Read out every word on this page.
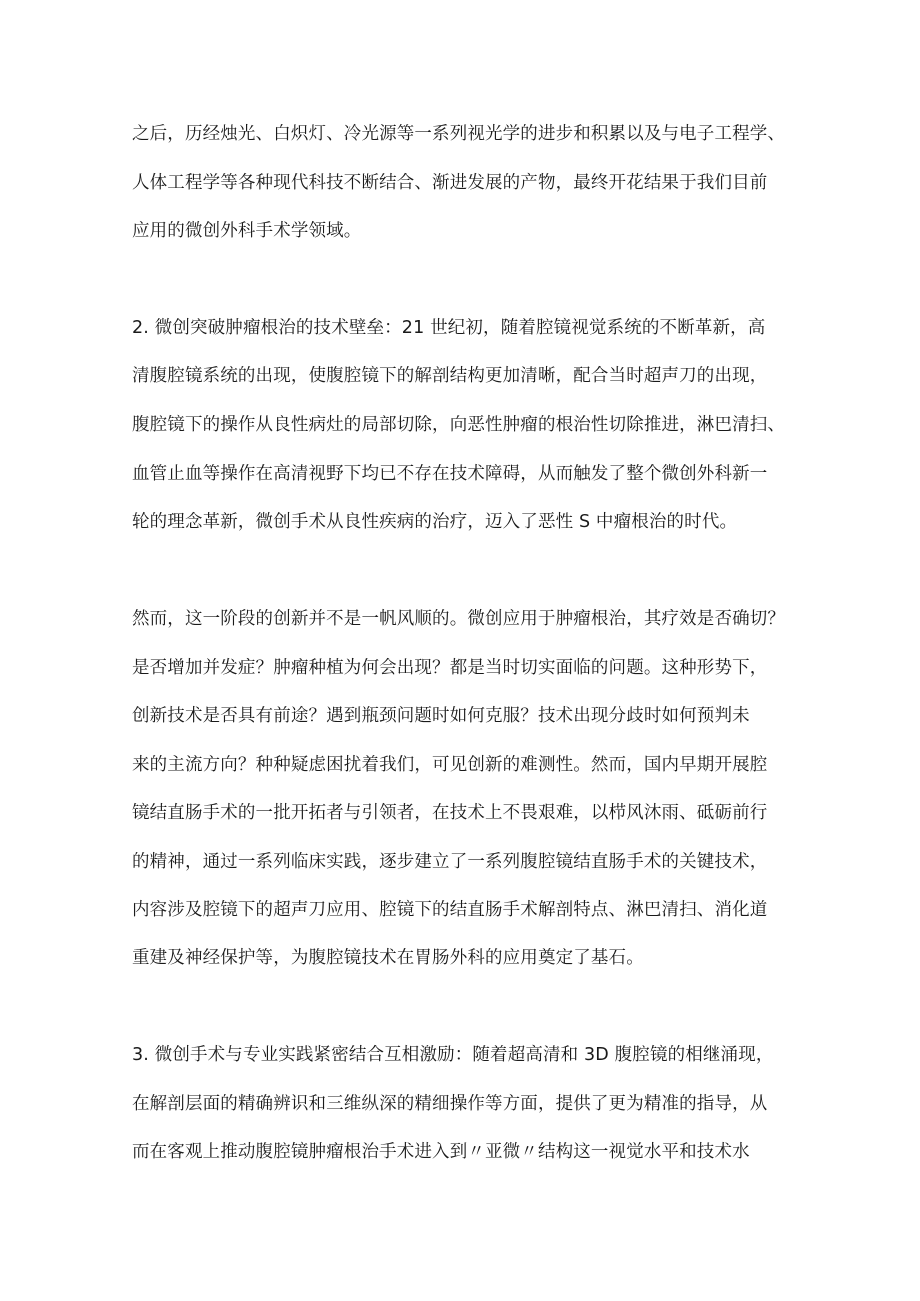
之后，历经烛光、白炽灯、冷光源等一系列视光学的进步和积累以及与电子工程学、
人体工程学等各种现代科技不断结合、渐进发展的产物，最终开花结果于我们目前
应用的微创外科手术学领域。
2. 微创突破肿瘤根治的技术壁垒：21 世纪初，随着腔镜视觉系统的不断革新，高
清腹腔镜系统的出现，使腹腔镜下的解剖结构更加清晰，配合当时超声刀的出现，
腹腔镜下的操作从良性病灶的局部切除，向恶性肿瘤的根治性切除推进，淋巴清扫、
血管止血等操作在高清视野下均已不存在技术障碍，从而触发了整个微创外科新一
轮的理念革新，微创手术从良性疾病的治疗，迈入了恶性 S 中瘤根治的时代。
然而，这一阶段的创新并不是一帆风顺的。微创应用于肿瘤根治，其疗效是否确切？
是否增加并发症？肿瘤种植为何会出现？都是当时切实面临的问题。这种形势下，
创新技术是否具有前途？遇到瓶颈问题时如何克服？技术出现分歧时如何预判未
来的主流方向？种种疑虑困扰着我们，可见创新的难测性。然而，国内早期开展腔
镜结直肠手术的一批开拓者与引领者，在技术上不畏艰难，以栉风沐雨、砥砺前行
的精神，通过一系列临床实践，逐步建立了一系列腹腔镜结直肠手术的关键技术，
内容涉及腔镜下的超声刀应用、腔镜下的结直肠手术解剖特点、淋巴清扫、消化道
重建及神经保护等，为腹腔镜技术在胃肠外科的应用奠定了基石。
3. 微创手术与专业实践紧密结合互相激励：随着超高清和 3D 腹腔镜的相继涌现，
在解剖层面的精确辨识和三维纵深的精细操作等方面，提供了更为精准的指导，从
而在客观上推动腹腔镜肿瘤根治手术进入到〃亚微〃结构这一视觉水平和技术水
